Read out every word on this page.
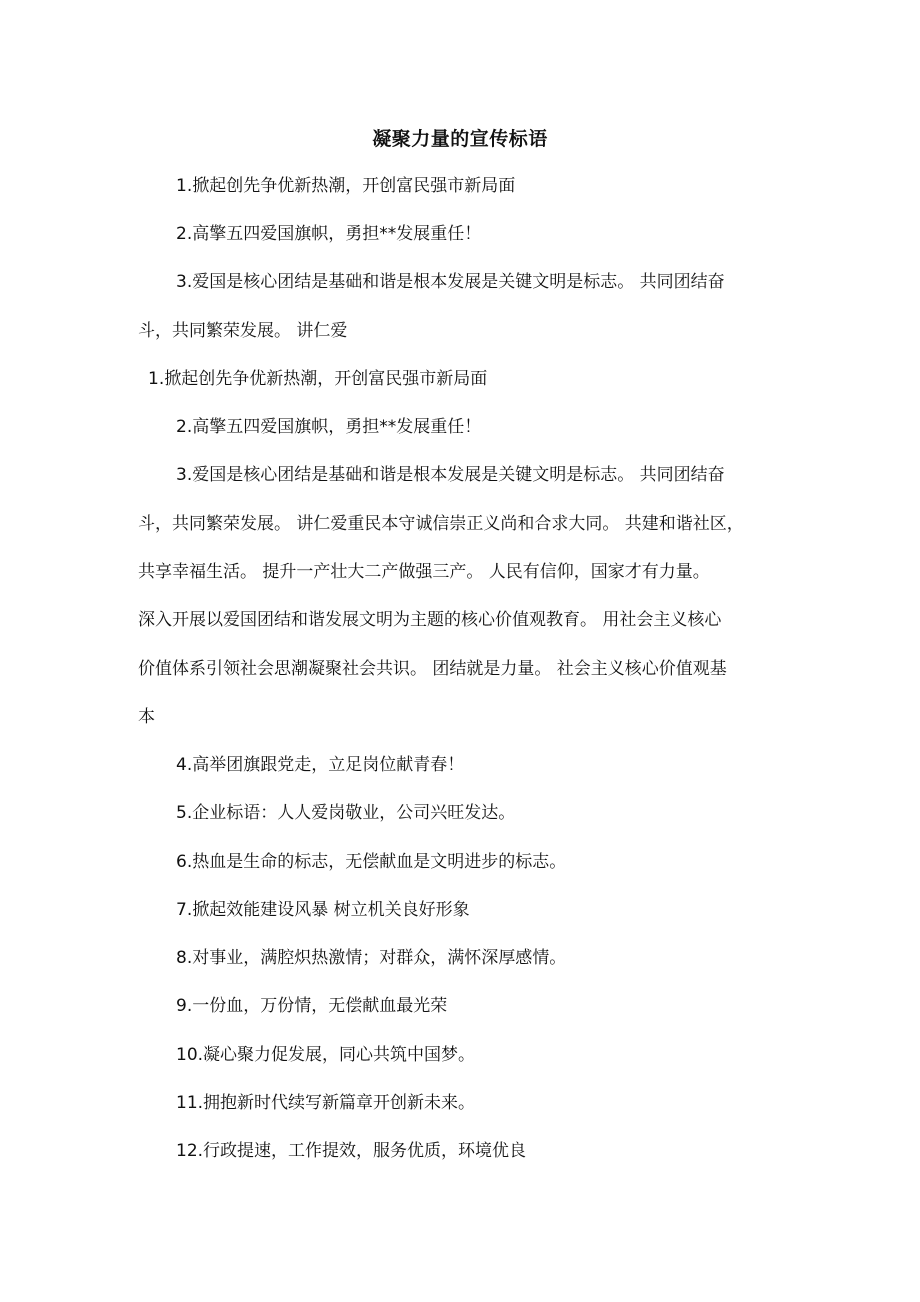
凝聚力量的宣传标语
1.掀起创先争优新热潮，开创富民强市新局面
2.高擎五四爱国旗帜，勇担**发展重任！
3.爱国是核心团结是基础和谐是根本发展是关键文明是标志。 共同团结奋
斗，共同繁荣发展。 讲仁爱
1.掀起创先争优新热潮，开创富民强市新局面
2.高擎五四爱国旗帜，勇担**发展重任！
3.爱国是核心团结是基础和谐是根本发展是关键文明是标志。 共同团结奋
斗，共同繁荣发展。 讲仁爱重民本守诚信崇正义尚和合求大同。 共建和谐社区，
共享幸福生活。 提升一产壮大二产做强三产。 人民有信仰，国家才有力量。
深入开展以爱国团结和谐发展文明为主题的核心价值观教育。 用社会主义核心
价值体系引领社会思潮凝聚社会共识。 团结就是力量。 社会主义核心价值观基
本
4.高举团旗跟党走，立足岗位献青春！
5.企业标语：人人爱岗敬业，公司兴旺发达。
6.热血是生命的标志，无偿献血是文明进步的标志。
7.掀起效能建设风暴 树立机关良好形象
8.对事业，满腔炽热激情；对群众，满怀深厚感情。
9.一份血，万份情，无偿献血最光荣
10.凝心聚力促发展，同心共筑中国梦。
11.拥抱新时代续写新篇章开创新未来。
12.行政提速，工作提效，服务优质，环境优良
